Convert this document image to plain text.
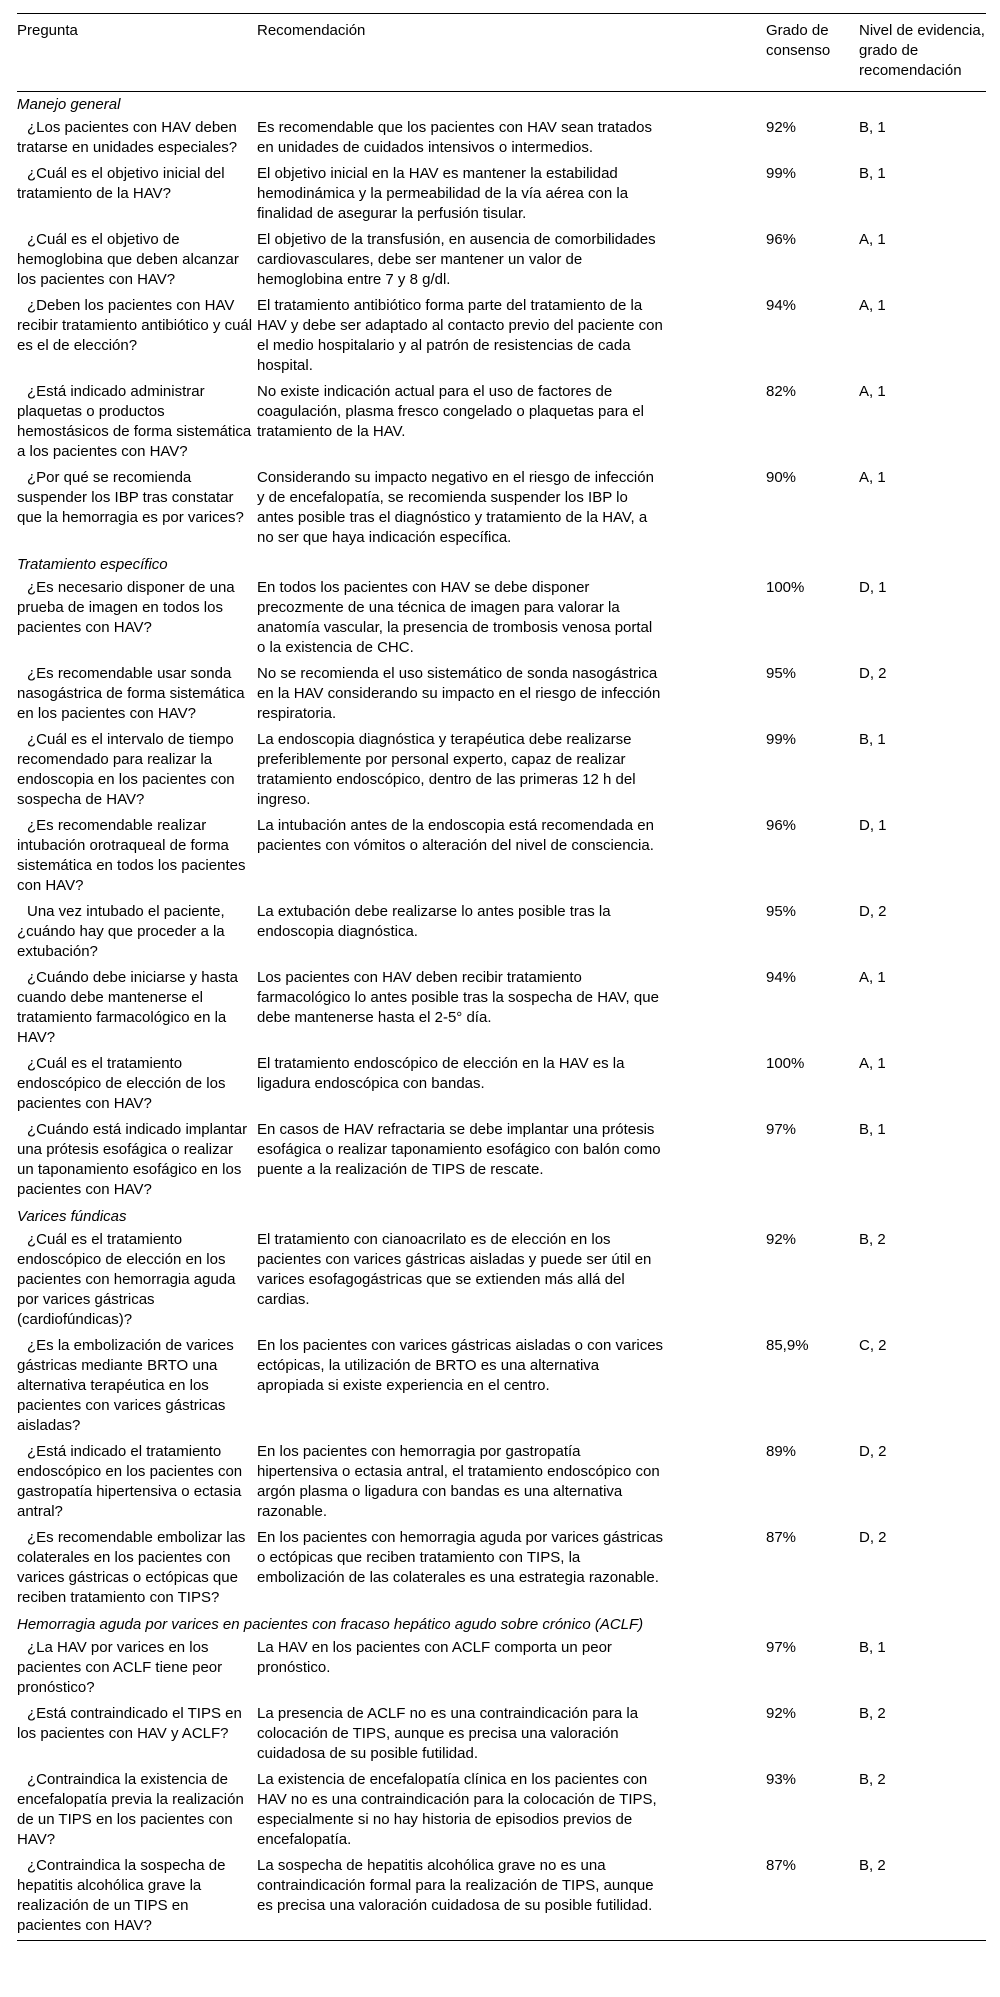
Pregunta	Recomendación	Grado de consenso	Nivel de evidencia, grado de recomendación
Manejo general			
¿Los pacientes con HAV deben tratarse en unidades especiales?	Es recomendable que los pacientes con HAV sean tratados en unidades de cuidados intensivos o intermedios.	92%	B, 1
¿Cuál es el objetivo inicial del tratamiento de la HAV?	El objetivo inicial en la HAV es mantener la estabilidad hemodinámica y la permeabilidad de la vía aérea con la finalidad de asegurar la perfusión tisular.	99%	B, 1
¿Cuál es el objetivo de hemoglobina que deben alcanzar los pacientes con HAV?	El objetivo de la transfusión, en ausencia de comorbilidades cardiovasculares, debe ser mantener un valor de hemoglobina entre 7 y 8 g/dl.	96%	A, 1
¿Deben los pacientes con HAV recibir tratamiento antibiótico y cuál es el de elección?	El tratamiento antibiótico forma parte del tratamiento de la HAV y debe ser adaptado al contacto previo del paciente con el medio hospitalario y al patrón de resistencias de cada hospital.	94%	A, 1
¿Está indicado administrar plaquetas o productos hemostásicos de forma sistemática a los pacientes con HAV?	No existe indicación actual para el uso de factores de coagulación, plasma fresco congelado o plaquetas para el tratamiento de la HAV.	82%	A, 1
¿Por qué se recomienda suspender los IBP tras constatar que la hemorragia es por varices?	Considerando su impacto negativo en el riesgo de infección y de encefalopatía, se recomienda suspender los IBP lo antes posible tras el diagnóstico y tratamiento de la HAV, a no ser que haya indicación específica.	90%	A, 1
Tratamiento específico			
¿Es necesario disponer de una prueba de imagen en todos los pacientes con HAV?	En todos los pacientes con HAV se debe disponer precozmente de una técnica de imagen para valorar la anatomía vascular, la presencia de trombosis venosa portal o la existencia de CHC.	100%	D, 1
¿Es recomendable usar sonda nasogástrica de forma sistemática en los pacientes con HAV?	No se recomienda el uso sistemático de sonda nasogástrica en la HAV considerando su impacto en el riesgo de infección respiratoria.	95%	D, 2
¿Cuál es el intervalo de tiempo recomendado para realizar la endoscopia en los pacientes con sospecha de HAV?	La endoscopia diagnóstica y terapéutica debe realizarse preferiblemente por personal experto, capaz de realizar tratamiento endoscópico, dentro de las primeras 12 h del ingreso.	99%	B, 1
¿Es recomendable realizar intubación orotraqueal de forma sistemática en todos los pacientes con HAV?	La intubación antes de la endoscopia está recomendada en pacientes con vómitos o alteración del nivel de consciencia.	96%	D, 1
Una vez intubado el paciente, ¿cuándo hay que proceder a la extubación?	La extubación debe realizarse lo antes posible tras la endoscopia diagnóstica.	95%	D, 2
¿Cuándo debe iniciarse y hasta cuando debe mantenerse el tratamiento farmacológico en la HAV?	Los pacientes con HAV deben recibir tratamiento farmacológico lo antes posible tras la sospecha de HAV, que debe mantenerse hasta el 2-5° día.	94%	A, 1
¿Cuál es el tratamiento endoscópico de elección de los pacientes con HAV?	El tratamiento endoscópico de elección en la HAV es la ligadura endoscópica con bandas.	100%	A, 1
¿Cuándo está indicado implantar una prótesis esofágica o realizar un taponamiento esofágico en los pacientes con HAV?	En casos de HAV refractaria se debe implantar una prótesis esofágica o realizar taponamiento esofágico con balón como puente a la realización de TIPS de rescate.	97%	B, 1
Varices fúndicas			
¿Cuál es el tratamiento endoscópico de elección en los pacientes con hemorragia aguda por varices gástricas (cardiofúndicas)?	El tratamiento con cianoacrilato es de elección en los pacientes con varices gástricas aisladas y puede ser útil en varices esofagogástricas que se extienden más allá del cardias.	92%	B, 2
¿Es la embolización de varices gástricas mediante BRTO una alternativa terapéutica en los pacientes con varices gástricas aisladas?	En los pacientes con varices gástricas aisladas o con varices ectópicas, la utilización de BRTO es una alternativa apropiada si existe experiencia en el centro.	85,9%	C, 2
¿Está indicado el tratamiento endoscópico en los pacientes con gastropatía hipertensiva o ectasia antral?	En los pacientes con hemorragia por gastropatía hipertensiva o ectasia antral, el tratamiento endoscópico con argón plasma o ligadura con bandas es una alternativa razonable.	89%	D, 2
¿Es recomendable embolizar las colaterales en los pacientes con varices gástricas o ectópicas que reciben tratamiento con TIPS?	En los pacientes con hemorragia aguda por varices gástricas o ectópicas que reciben tratamiento con TIPS, la embolización de las colaterales es una estrategia razonable.	87%	D, 2
Hemorragia aguda por varices en pacientes con fracaso hepático agudo sobre crónico (ACLF)			
¿La HAV por varices en los pacientes con ACLF tiene peor pronóstico?	La HAV en los pacientes con ACLF comporta un peor pronóstico.	97%	B, 1
¿Está contraindicado el TIPS en los pacientes con HAV y ACLF?	La presencia de ACLF no es una contraindicación para la colocación de TIPS, aunque es precisa una valoración cuidadosa de su posible futilidad.	92%	B, 2
¿Contraindica la existencia de encefalopatía previa la realización de un TIPS en los pacientes con HAV?	La existencia de encefalopatía clínica en los pacientes con HAV no es una contraindicación para la colocación de TIPS, especialmente si no hay historia de episodios previos de encefalopatía.	93%	B, 2
¿Contraindica la sospecha de hepatitis alcohólica grave la realización de un TIPS en pacientes con HAV?	La sospecha de hepatitis alcohólica grave no es una contraindicación formal para la realización de TIPS, aunque es precisa una valoración cuidadosa de su posible futilidad.	87%	B, 2
